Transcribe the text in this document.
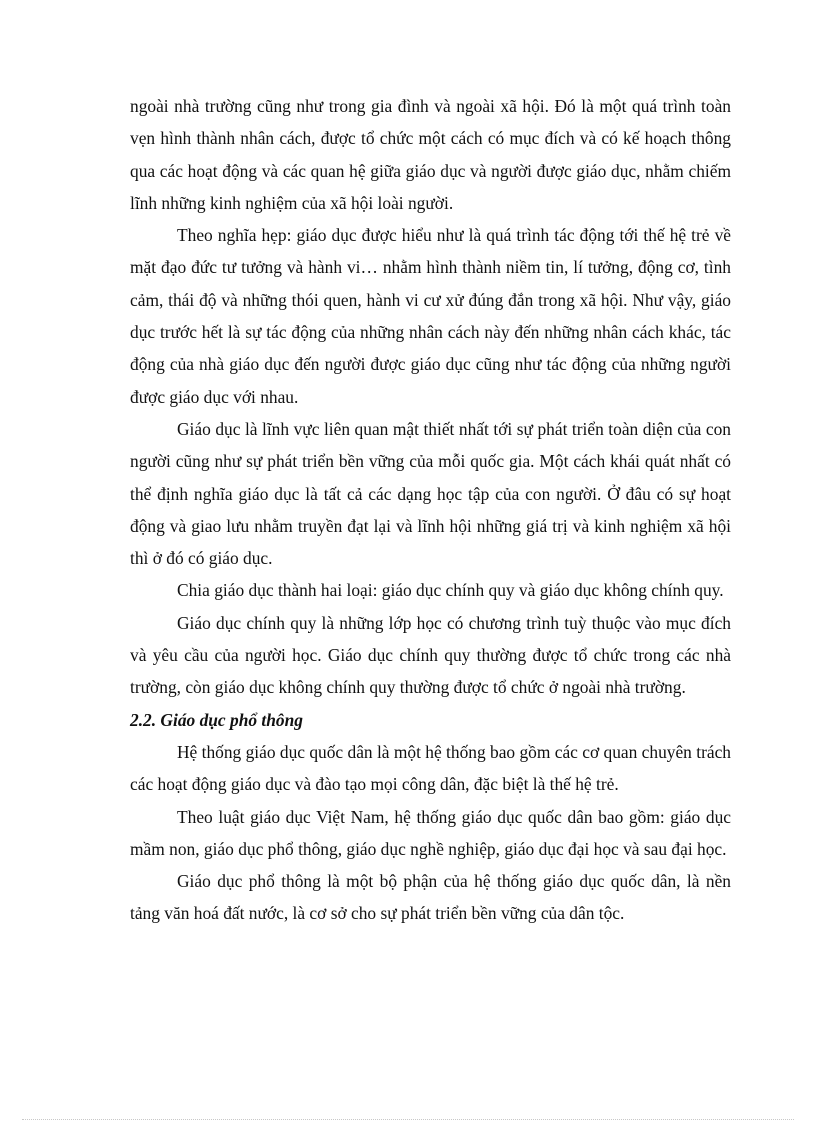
ngoài nhà trường cũng như trong gia đình và ngoài xã hội. Đó là một quá trình toàn vẹn hình thành nhân cách, được tổ chức một cách có mục đích và có kế hoạch thông qua các hoạt động và các quan hệ giữa giáo dục và người được giáo dục, nhằm chiếm lĩnh những kinh nghiệm của xã hội loài người.

Theo nghĩa hẹp: giáo dục được hiểu như là quá trình tác động tới thế hệ trẻ về mặt đạo đức tư tưởng và hành vi… nhằm hình thành niềm tin, lí tưởng, động cơ, tình cảm, thái độ và những thói quen, hành vi cư xử đúng đắn trong xã hội. Như vậy, giáo dục trước hết là sự tác động của những nhân cách này đến những nhân cách khác, tác động của nhà giáo dục đến người được giáo dục cũng như tác động của những người được giáo dục với nhau.

Giáo dục là lĩnh vực liên quan mật thiết nhất tới sự phát triển toàn diện của con người cũng như sự phát triển bền vững của mỗi quốc gia. Một cách khái quát nhất có thể định nghĩa giáo dục là tất cả các dạng học tập của con người. Ở đâu có sự hoạt động và giao lưu nhằm truyền đạt lại và lĩnh hội những giá trị và kinh nghiệm xã hội thì ở đó có giáo dục.

Chia giáo dục thành hai loại: giáo dục chính quy và giáo dục không chính quy.

Giáo dục chính quy là những lớp học có chương trình tuỳ thuộc vào mục đích và yêu cầu của người học. Giáo dục chính quy thường được tổ chức trong các nhà trường, còn giáo dục không chính quy thường được tổ chức ở ngoài nhà trường.

2.2. Giáo dục phổ thông

Hệ thống giáo dục quốc dân là một hệ thống bao gồm các cơ quan chuyên trách các hoạt động giáo dục và đào tạo mọi công dân, đặc biệt là thế hệ trẻ.

Theo luật giáo dục Việt Nam, hệ thống giáo dục quốc dân bao gồm: giáo dục mầm non, giáo dục phổ thông, giáo dục nghề nghiệp, giáo dục đại học và sau đại học.

Giáo dục phổ thông là một bộ phận của hệ thống giáo dục quốc dân, là nền tảng văn hoá đất nước, là cơ sở cho sự phát triển bền vững của dân tộc.
